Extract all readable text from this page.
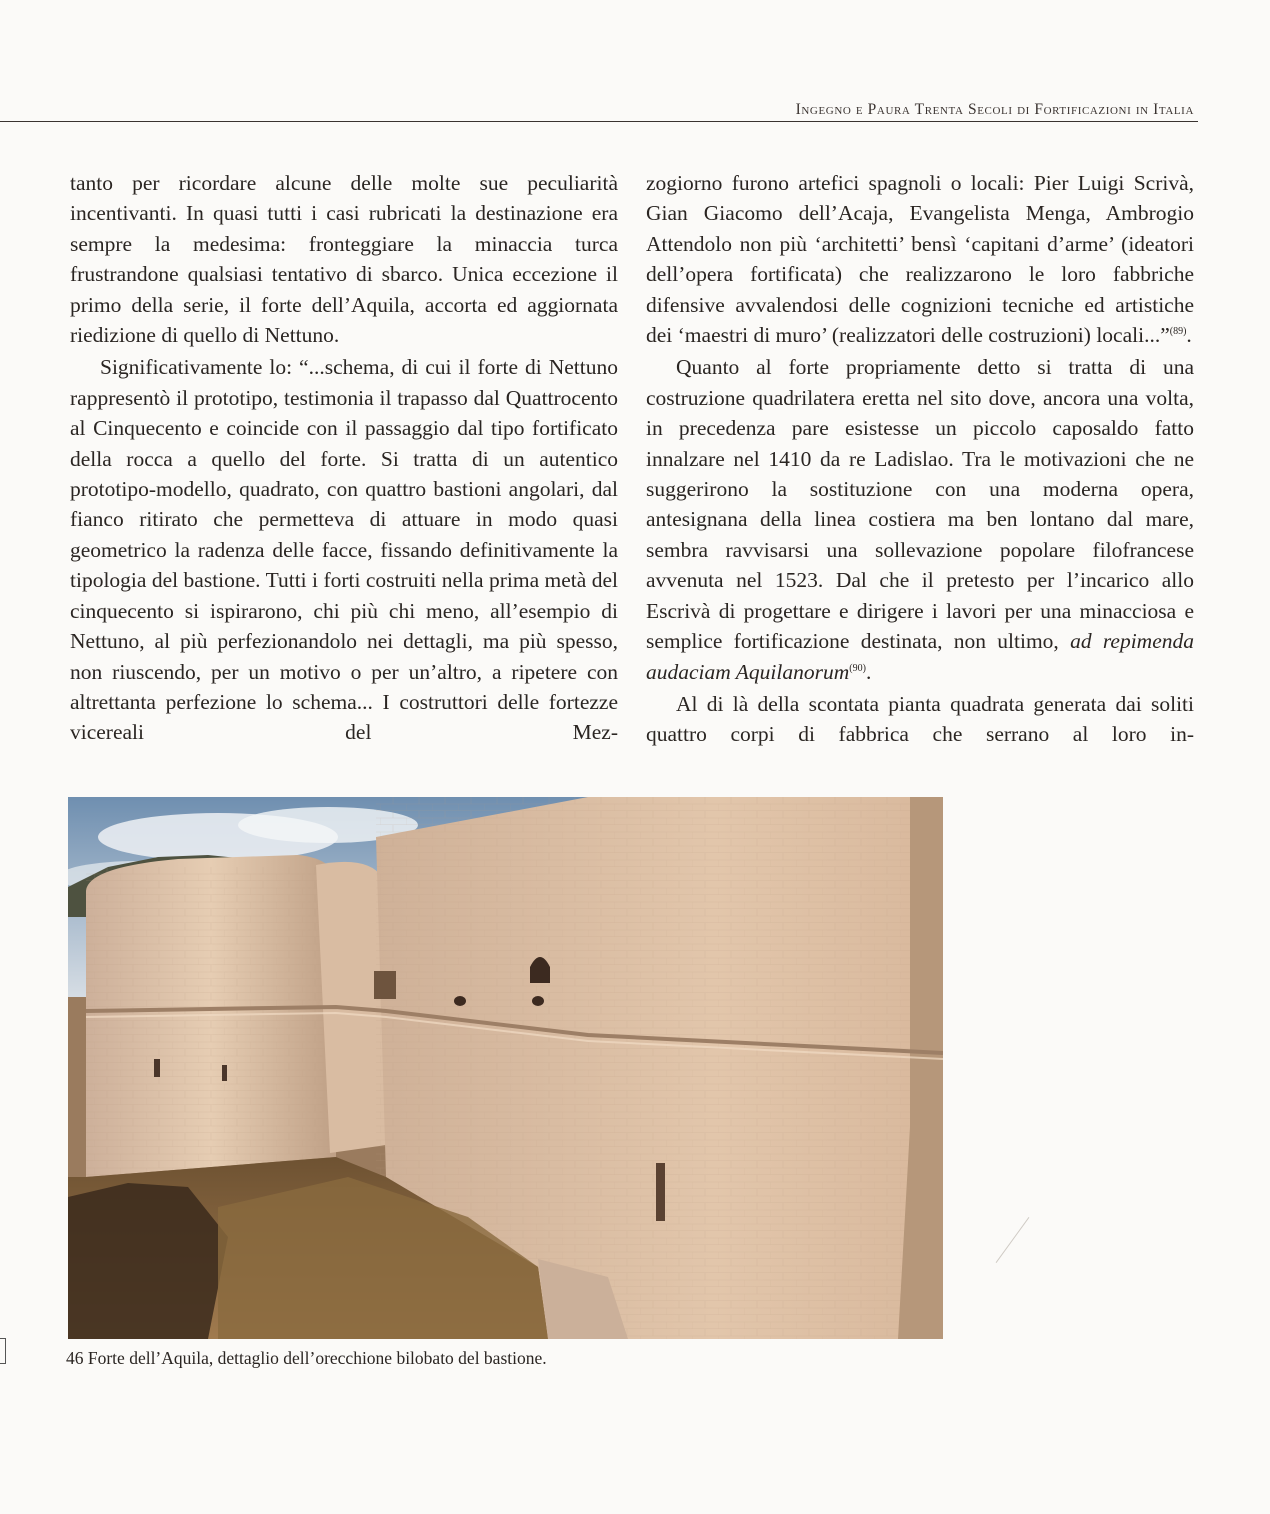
Ingegno e Paura Trenta Secoli di Fortificazioni in Italia

tanto per ricordare alcune delle molte sue peculiarità incentivanti. In quasi tutti i casi rubricati la destinazione era sempre la medesima: fronteggiare la minaccia turca frustrandone qualsiasi tentativo di sbarco. Unica eccezione il primo della serie, il forte dell’Aquila, accorta ed aggiornata riedizione di quello di Nettuno.

Significativamente lo: “...schema, di cui il forte di Nettuno rappresentò il prototipo, testimonia il trapasso dal Quattrocento al Cinquecento e coincide con il passaggio dal tipo fortificato della rocca a quello del forte. Si tratta di un autentico prototipo-modello, quadrato, con quattro bastioni angolari, dal fianco ritirato che permetteva di attuare in modo quasi geometrico la radenza delle facce, fissando definitivamente la tipologia del bastione. Tutti i forti costruiti nella prima metà del cinquecento si ispirarono, chi più chi meno, all’esempio di Nettuno, al più perfezionandolo nei dettagli, ma più spesso, non riuscendo, per un motivo o per un’altro, a ripetere con altrettanta perfezione lo schema... I costruttori delle fortezze vicereali del Mez-

zogiorno furono artefici spagnoli o locali: Pier Luigi Scrivà, Gian Giacomo dell’Acaja, Evangelista Menga, Ambrogio Attendolo non più ‘architetti’ bensì ‘capitani d’arme’ (ideatori dell’opera fortificata) che realizzarono le loro fabbriche difensive avvalendosi delle cognizioni tecniche ed artistiche dei ‘maestri di muro’ (realizzatori delle costruzioni) locali...”$^{(89)}$.

Quanto al forte propriamente detto si tratta di una costruzione quadrilatera eretta nel sito dove, ancora una volta, in precedenza pare esistesse un piccolo caposaldo fatto innalzare nel 1410 da re Ladislao. Tra le motivazioni che ne suggerirono la sostituzione con una moderna opera, antesignana della linea costiera ma ben lontano dal mare, sembra ravvisarsi una sollevazione popolare filofrancese avvenuta nel 1523. Dal che il pretesto per l’incarico allo Escrivà di progettare e dirigere i lavori per una minacciosa e semplice fortificazione destinata, non ultimo, ad repimenda audaciam Aquilanorum$^{(90)}$.

Al di là della scontata pianta quadrata generata dai soliti quattro corpi di fabbrica che serrano al loro in-

46 Forte dell’Aquila, dettaglio dell’orecchione bilobato del bastione.
